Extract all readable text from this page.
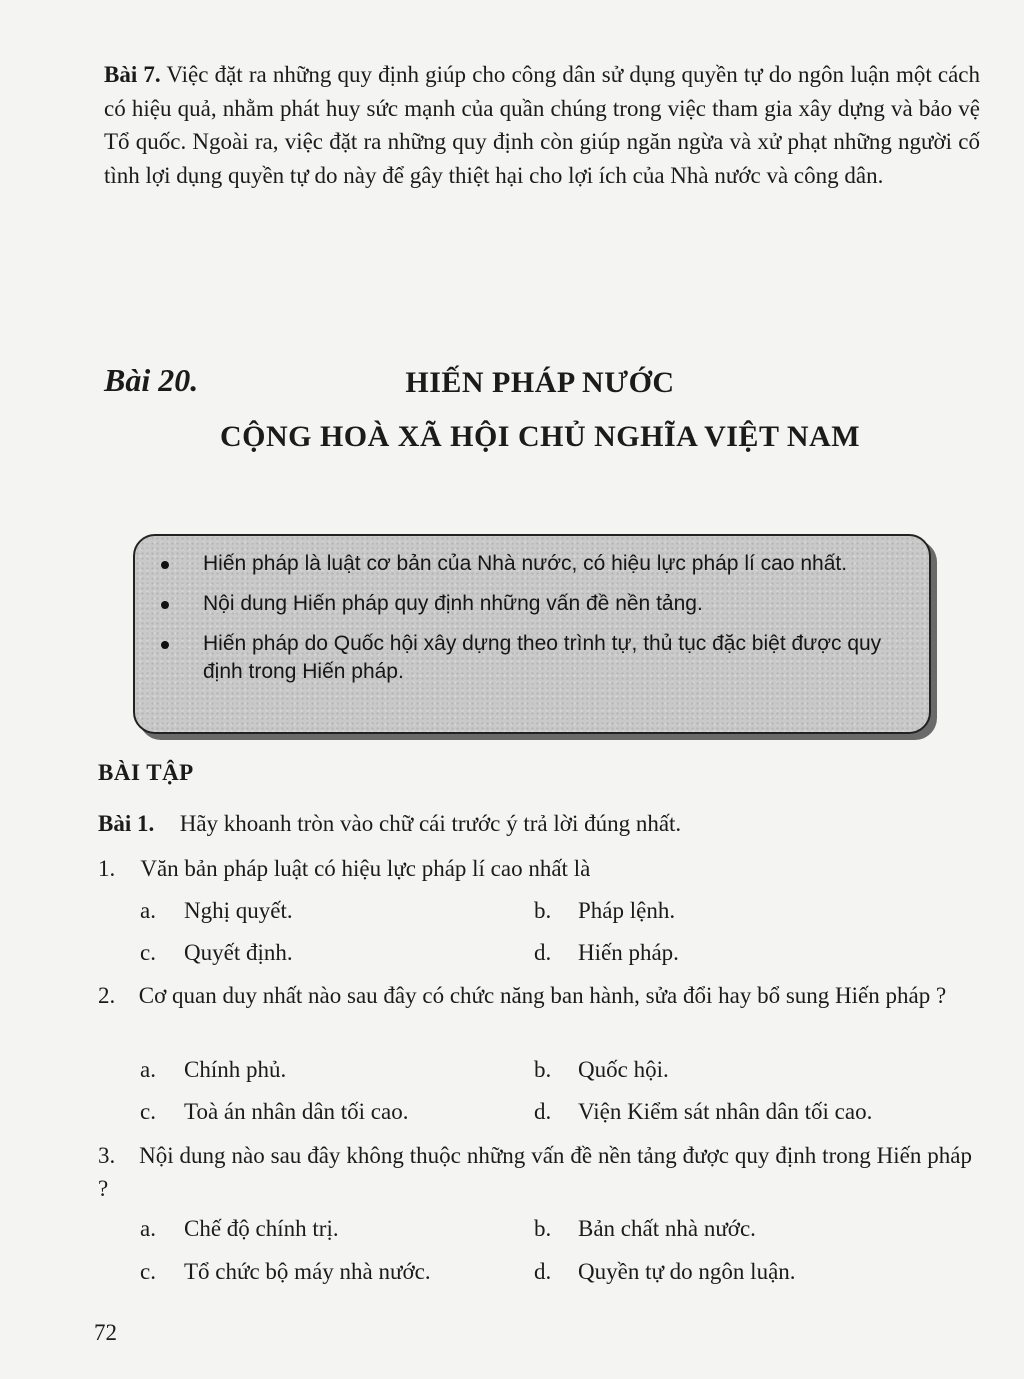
Bài 7. Việc đặt ra những quy định giúp cho công dân sử dụng quyền tự do ngôn luận một cách có hiệu quả, nhằm phát huy sức mạnh của quần chúng trong việc tham gia xây dựng và bảo vệ Tổ quốc. Ngoài ra, việc đặt ra những quy định còn giúp ngăn ngừa và xử phạt những người cố tình lợi dụng quyền tự do này để gây thiệt hại cho lợi ích của Nhà nước và công dân.
Bài 20.	HIẾN PHÁP NƯỚC
CỘNG HOÀ XÃ HỘI CHỦ NGHĨA VIỆT NAM
Hiến pháp là luật cơ bản của Nhà nước, có hiệu lực pháp lí cao nhất.
Nội dung Hiến pháp quy định những vấn đề nền tảng.
Hiến pháp do Quốc hội xây dựng theo trình tự, thủ tục đặc biệt được quy định trong Hiến pháp.
BÀI TẬP
Bài 1. Hãy khoanh tròn vào chữ cái trước ý trả lời đúng nhất.
1. Văn bản pháp luật có hiệu lực pháp lí cao nhất là
a. Nghị quyết.	b. Pháp lệnh.
c. Quyết định.	d. Hiến pháp.
2. Cơ quan duy nhất nào sau đây có chức năng ban hành, sửa đổi hay bổ sung Hiến pháp ?
a. Chính phủ.	b. Quốc hội.
c. Toà án nhân dân tối cao.	d. Viện Kiểm sát nhân dân tối cao.
3. Nội dung nào sau đây không thuộc những vấn đề nền tảng được quy định trong Hiến pháp ?
a. Chế độ chính trị.	b. Bản chất nhà nước.
c. Tổ chức bộ máy nhà nước.	d. Quyền tự do ngôn luận.
72
